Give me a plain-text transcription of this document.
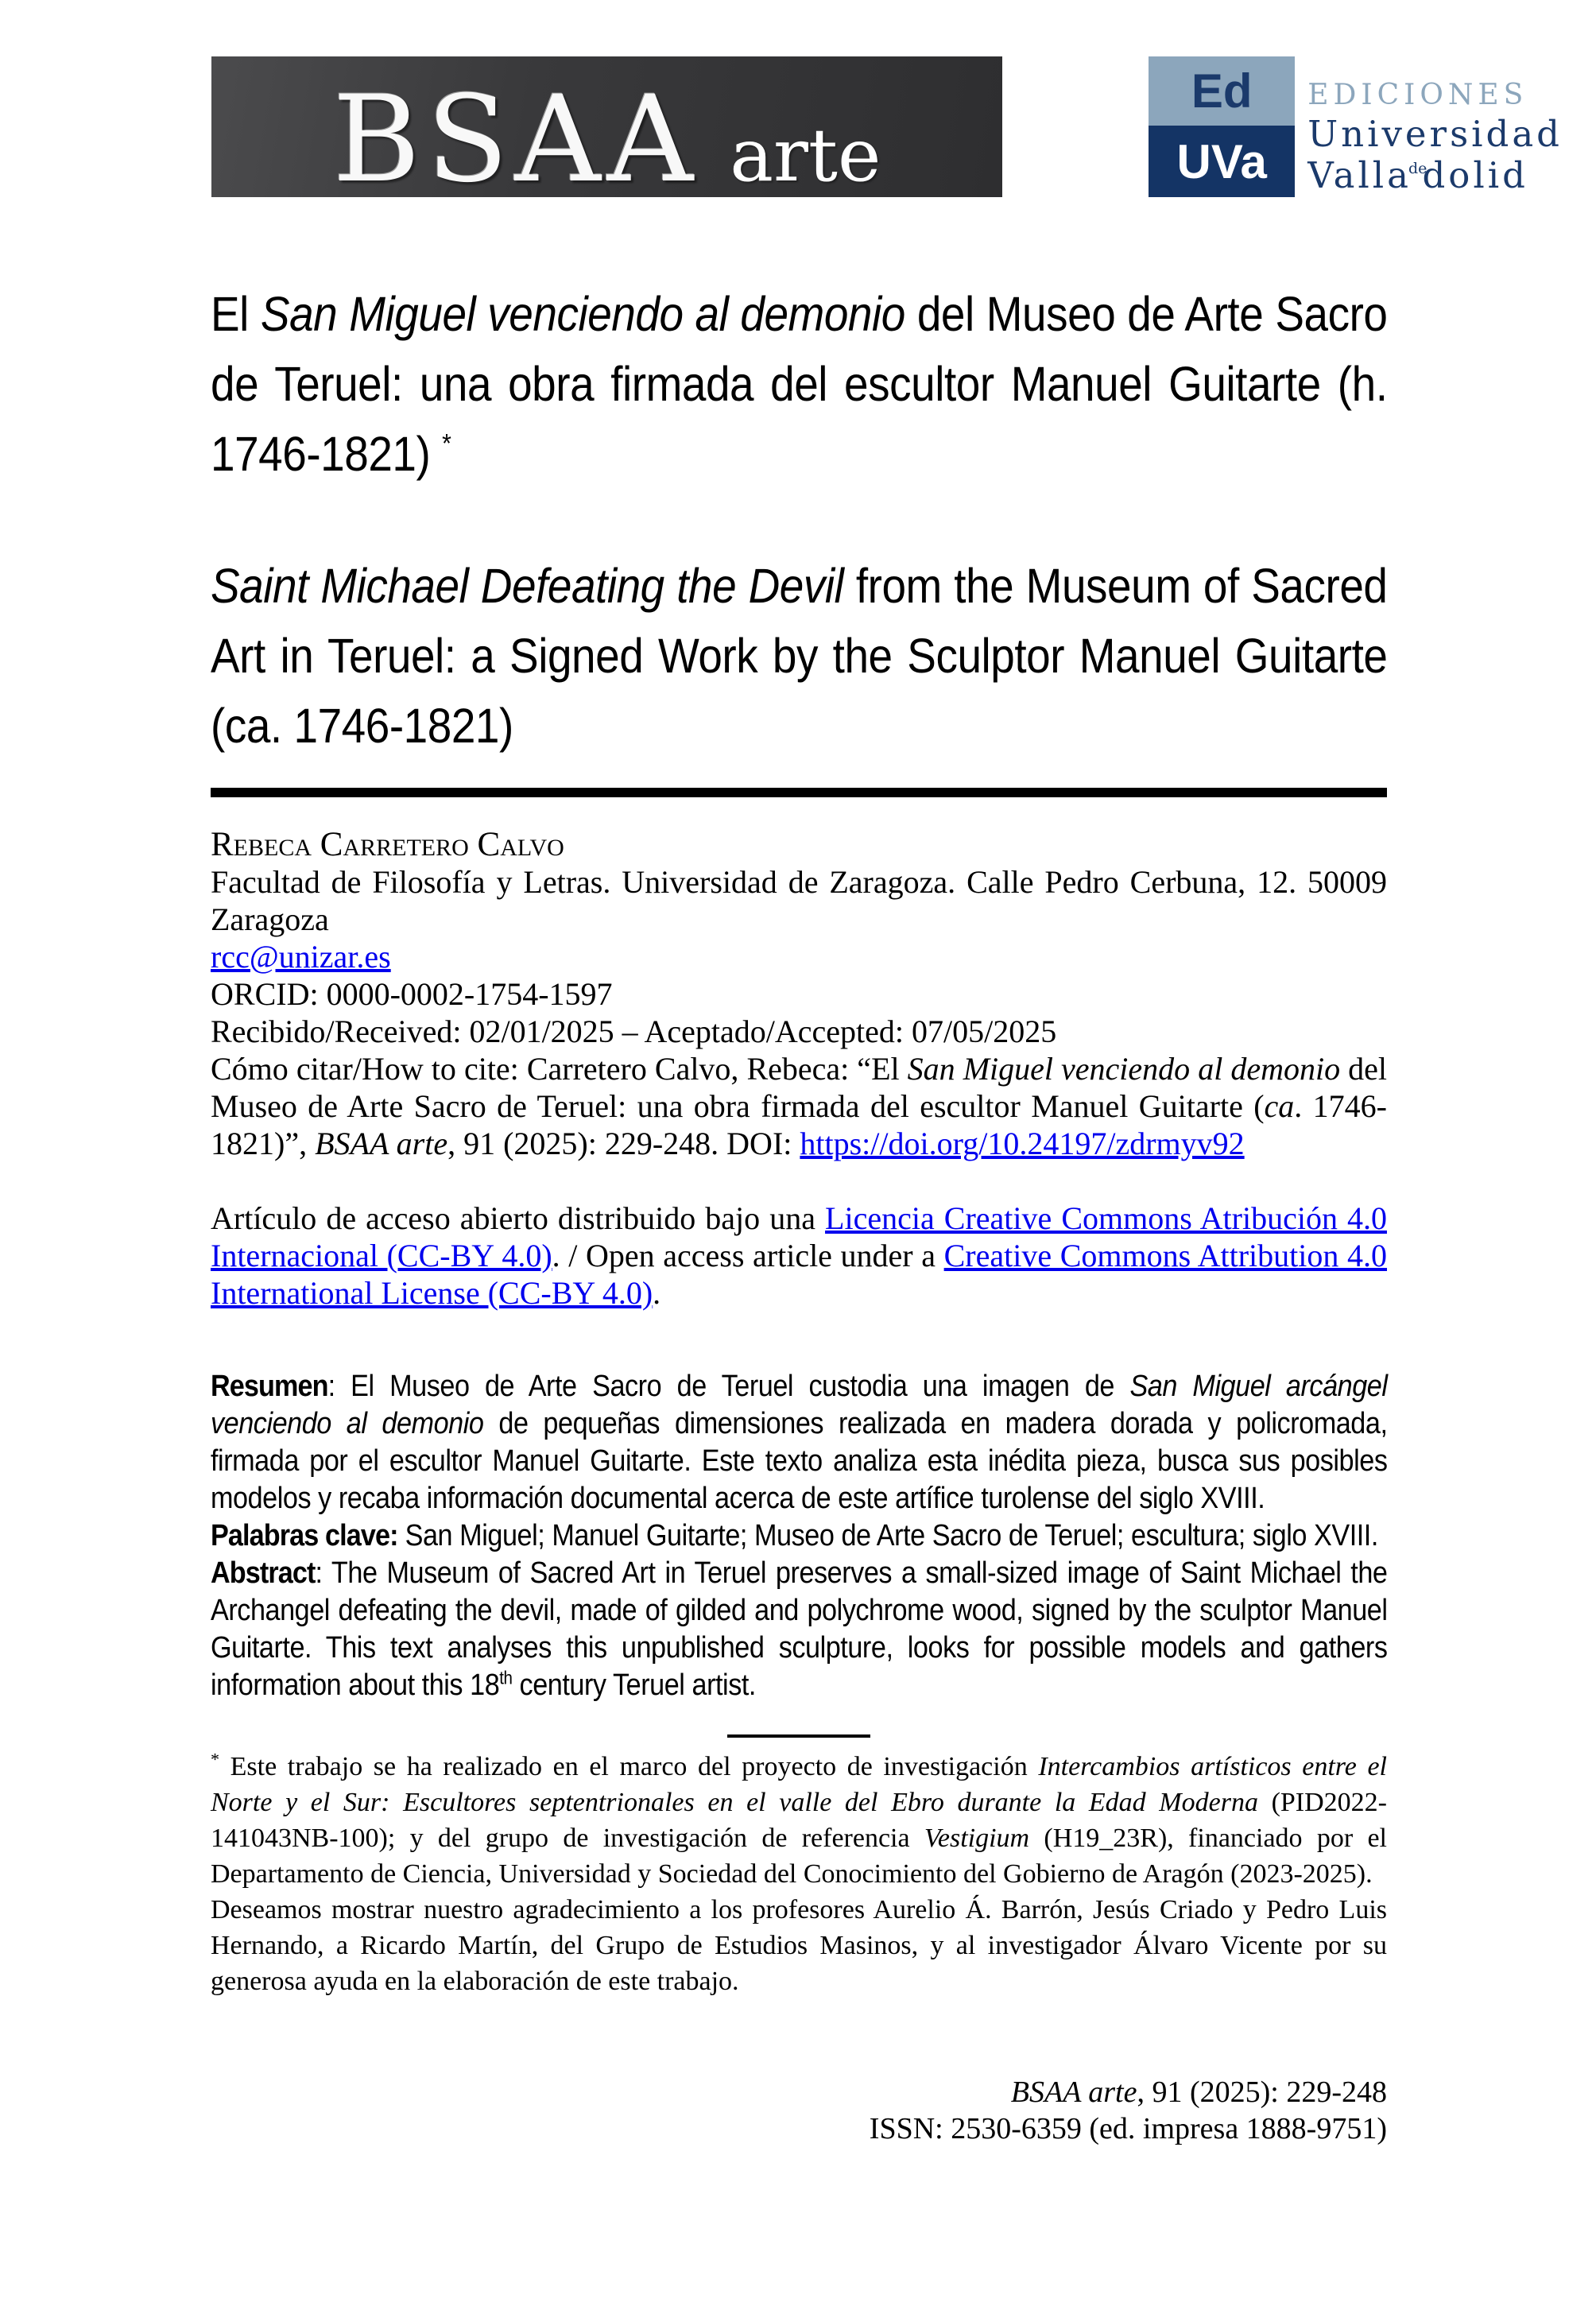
BSAA arte
Ed
UVa
EDICIONES
Universidad
Valladedolid
El San Miguel venciendo al demonio del Museo de Arte Sacro de Teruel: una obra firmada del escultor Manuel Guitarte (h. 1746-1821) *
Saint Michael Defeating the Devil from the Museum of Sacred Art in Teruel: a Signed Work by the Sculptor Manuel Guitarte (ca. 1746-1821)

Rebeca Carretero Calvo

Facultad de Filosofía y Letras. Universidad de Zaragoza. Calle Pedro Cerbuna, 12. 50009 Zaragoza

rcc@unizar.es

ORCID: 0000-0002-1754-1597

Recibido/Received: 02/01/2025 – Aceptado/Accepted: 07/05/2025

Cómo citar/How to cite: Carretero Calvo, Rebeca: “El San Miguel venciendo al demonio del Museo de Arte Sacro de Teruel: una obra firmada del escultor Manuel Guitarte (ca. 1746-1821)”, BSAA arte, 91 (2025): 229-248. DOI: https://doi.org/10.24197/zdrmyv92

Artículo de acceso abierto distribuido bajo una Licencia Creative Commons Atribución 4.0 Internacional (CC-BY 4.0). / Open access article under a Creative Commons Attribution 4.0 International License (CC-BY 4.0).

Resumen: El Museo de Arte Sacro de Teruel custodia una imagen de San Miguel arcángel venciendo al demonio de pequeñas dimensiones realizada en madera dorada y policromada, firmada por el escultor Manuel Guitarte. Este texto analiza esta inédita pieza, busca sus posibles modelos y recaba información documental acerca de este artífice turolense del siglo XVIII.

Palabras clave: San Miguel; Manuel Guitarte; Museo de Arte Sacro de Teruel; escultura; siglo XVIII.

Abstract: The Museum of Sacred Art in Teruel preserves a small-sized image of Saint Michael the Archangel defeating the devil, made of gilded and polychrome wood, signed by the sculptor Manuel Guitarte. This text analyses this unpublished sculpture, looks for possible models and gathers information about this 18th century Teruel artist.

* Este trabajo se ha realizado en el marco del proyecto de investigación Intercambios artísticos entre el Norte y el Sur: Escultores septentrionales en el valle del Ebro durante la Edad Moderna (PID2022-141043NB-100); y del grupo de investigación de referencia Vestigium (H19_23R), financiado por el Departamento de Ciencia, Universidad y Sociedad del Conocimiento del Gobierno de Aragón (2023-2025).

Deseamos mostrar nuestro agradecimiento a los profesores Aurelio Á. Barrón, Jesús Criado y Pedro Luis Hernando, a Ricardo Martín, del Grupo de Estudios Masinos, y al investigador Álvaro Vicente por su generosa ayuda en la elaboración de este trabajo.

BSAA arte, 91 (2025): 229-248

ISSN: 2530-6359 (ed. impresa 1888-9751)
